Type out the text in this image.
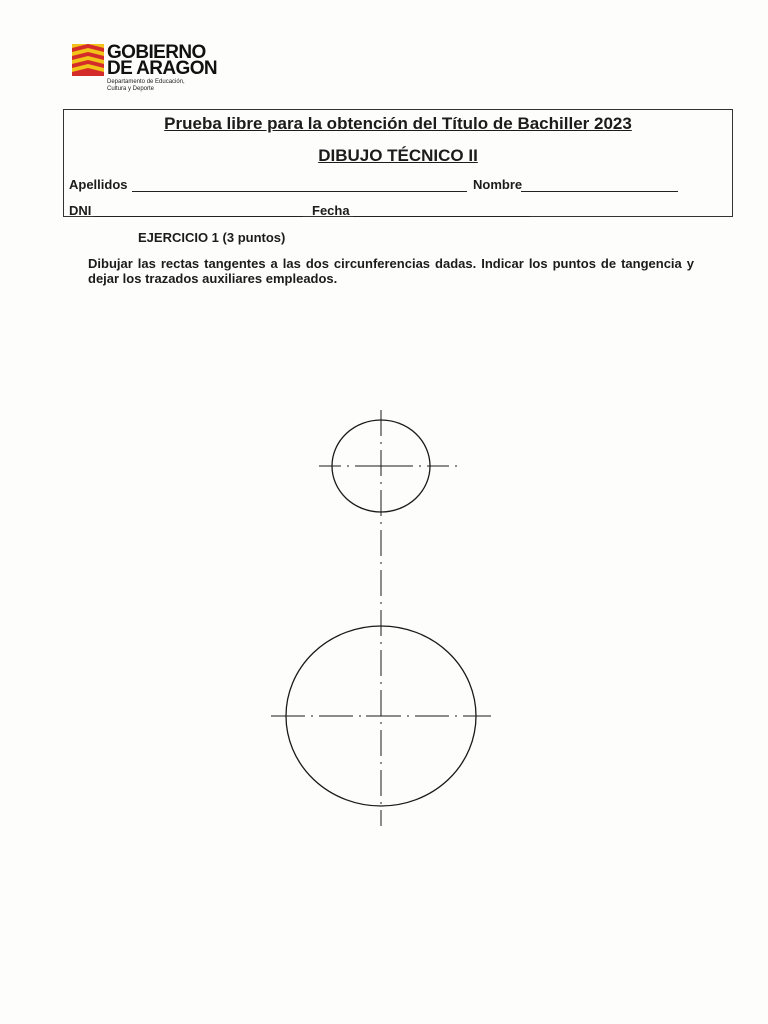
GOBIERNO
DE ARAGON
Departamento de Educación,
Cultura y Deporte
Prueba libre para la obtención del Título de Bachiller 2023
DIBUJO TÉCNICO II
Apellidos	Nombre
DNI	Fecha
EJERCICIO 1 (3 puntos)
Dibujar las rectas tangentes a las dos circunferencias dadas. Indicar los puntos de tangencia y dejar los trazados auxiliares empleados.
